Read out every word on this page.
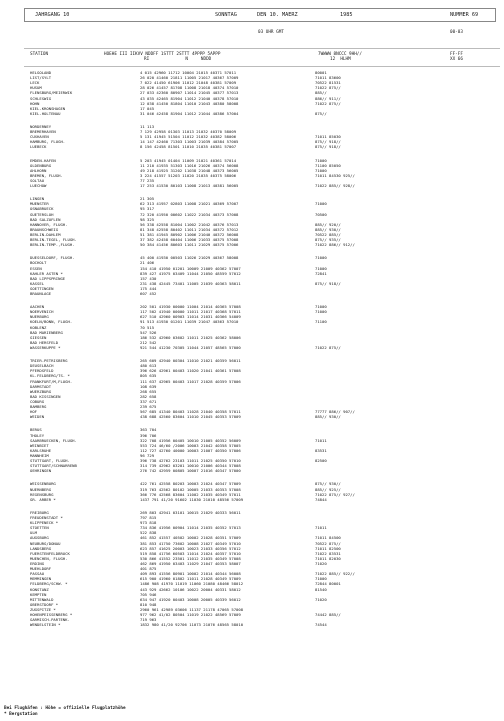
JAHRGANG 10	SONNTAG	DEN 10. MAERZ	1985	NUMMER 69
03 UHR GMT	00-03
STATION	HOEHE III IIKVV NDDFF 1STTT 2STTT 4PPPP 5APPP
RI              N     NDDD
7WWWW 8NCCC 9HH//
12  HLHM
FF-FF
XX 66
HELGOLAND	4 015 42960 11712 10004 21015 40371 57011	80001
LIST/SYLT	26 020 41460 21811 11005 21017 40367 57009	71011 83600
LECK	7 022 41450 61906 11012 21048 40381 57009	70522 81531
HUSUM	28 026 41457 81708 11008 21018 40374 57010	71022 875//
FLENSBURG/MEIERWIK	27 033 42360 80907 11014 21045 40377 57013	885//
SCHLESWIG	43 035 42465 81904 11012 21040 40378 57010	886// 911//
HOHN	12 038 41450 81804 11010 21043 40380 58008	71022 875//
KIEL-KRONSHAGEN	17 045
KIEL-HOLTENAU	31 046 42458 81904 11012 21044 40386 57004	875//
NORDERNEY	11 113
BREMERHAVEN	7 129 42958 01303 11013 21032 40370 58009
CUXHAVEN	5 131 41945 51504 11012 21032 40382 58006	71011 85030
HAMBURG, FLUGH.	14 147 42460 71303 11003 21039 40384 57005	875// 918//
LUEBECK	8 156 42458 81501 11010 21035 40381 57007	875// 918//
EMDEN-HAFEN	5 203 41945 01404 11009 21021 40361 57014	71000
OLDENBURG	11 210 41935 51303 11016 21026 40374 56008	71100 85050
AHLHORN	49 218 41925 31202 11038 21048 40373 56005	71000
BREMEN, FLUGH.	3 224 41557 51203 11020 21035 40375 58006	71011 84530 925//
SOLTAU	77 235
LUECHOW	17 253 41530 80103 11008 21013 40381 56005	71022 885// 928//
LINGEN	21 305
MUENSTER	62 313 41957 02803 11008 21021 40369 57007	71000
OSNABRUECK	95 317
GUETERSLOH	72 320 41950 00602 11022 21034 40373 57008	70500
BAD SALZUFLEN	98 325
HANNOVER, FLUGH.	56 338 42558 81004 11002 21042 40376 57013	885// 920//
BRAUNSCHWEIG	81 348 42558 80402 11011 21034 40372 57012	885// 930//
BERLIN-DAHLEM	51 381 41945 80902 11006 21040 40372 56008	70522 885//
BERLIN-TEGEL, FLUGH.	37 382 42458 60404 11006 21033 40375 57008	875// 935//
BERLIN-TEMP.,FLUGH.	50 384 41456 80603 11011 21029 40375 57006	71022 886// 912//
DUESSELDORF, FLUGH.	45 400 41930 00503 11026 21029 40367 58008	71000
BOCHOLT	21 406
ESSEN	154 410 41950 01201 10009 21009 40362 57007	71000
KAHLER ASTEN *	839 427 41975 03409 11044 21050 48559 57012	72841
BAD LIPPSPRINGE	157 430
KASSEL	231 438 42445 73401 11005 21039 40363 58011	875// 918//
GOETTINGEN	175 444
BRAUNLAGE	607 452
AACHEN	202 501 41930 00000 11004 21014 40365 57008	71000
NOERVENICH	117 502 41940 00000 11011 21017 40368 57011	71000
NUERBURG	627 510 42960 00903 11014 21031 40366 54009
KOELN/BONN, FLUGH.	91 513 41930 01201 11039 21047 40363 57010	71100
KOBLENZ	70 515
BAD MARIENBERG	547 526
GIESSEN	186 532 42960 03602 11011 21025 40362 58006
BAD HERSFELD	212 542
WASSERKUPPE *	921 544 41230 70305 11044 21057 48565 57000	71022 875//
TRIER-PETRISBERG	265 609 42940 00304 11010 21021 40359 56011
DEUSELBACH	480 613
PFERDSFELD	396 626 42961 00403 11020 21041 40361 57008
KL.FELDBERG/TS. *	805 635
FRANKFURT/M,FLUGH.	111 637 42965 00403 11017 21028 40359 57006
DARMSTADT	108 639
WUERZBURG	268 655
BAD KISSINGEN	282 658
COBURG	337 671
BAMBERG	239 675
HOF	567 685 41340 80403 11028 21040 40358 57011	77777 886// 907//
WEIDEN	438 688 42560 83604 11010 21045 40353 57009	885// 930//
BERUS	363 704
THOLEY	396 706
SAARBRUECKEN, FLUGH.	322 708 41956 00405 10010 21005 40352 56009	71011
WEINBIET	553 724 46/60 /2006 10003 21042 40358 57005
KARLSRUHE	112 727 42760 40000 10003 21007 40350 57006	83531
MANNHEIM	96 729
STUTTGART, FLUGH.	396 738 42762 23103 11011 21025 40350 57010	82500
STUTTGART/SCHNARRENB	314 739 42962 03201 10010 21006 40344 57008
OEHRINGEN	276 742 42959 00805 10007 21016 40347 57000
WEISSENBURG	422 761 42558 80203 10003 21024 40347 57009	875// 930//
NUERNBERG	319 763 42562 80102 10005 21033 40353 57008	885// 925//
REGENSBURG	366 776 42568 83604 11002 21035 40349 57011	71022 875// 927//
GR. ARBER *	1437 791 41/20 91602 11030 21010 48556 57009	74844
FREIBURG	269 803 42941 03101 10015 21029 40333 56011
FREUDENSTADT *	797 815
KLIPPENECK *	973 818
STOETTEN	734 836 41956 00904 11014 21035 40352 57013	71011
ULM	522 838
AUGSBURG	461 852 41557 40502 10002 21028 40351 57009	71011 84500
NEUBURG/DONAU	381 853 41750 73602 10008 21027 40349 57010	70522 875//
LANDSBERG	623 857 41625 20003 10023 21033 40356 57012	71011 82500
FUERSTENFELDBRUCK	519 858 41756 60503 11014 21024 40357 57010	71022 83531
MUENCHEN, FLUGH.	530 866 41552 23501 11012 21035 40349 57008	71011 82030
ERDING	462 869 41950 03403 11029 21047 40353 58007	71020
MUEHLDORF	401 875
PASSAU	409 893 41556 80901 10002 21014 40344 56008	71022 885// 922//
MEMMINGEN	615 900 41960 01802 11011 21028 40349 57009	71000
FELDBERG/SCHW. *	1486 908 41970 11019 11060 21080 48466 58012	72844 80001
KONSTANZ	443 929 42662 10106 10022 20004 40331 58012	81540
KEMPTEN	705 946
MITTENWALD	634 947 41920 00403 10008 20005 40339 56012	71020
OBERSTDORF *	810 948
ZUGSPITZE *	2960 961 42989 03606 11137 21178 47065 57008
HOHENPEISSENBERG *	977 962 41/02 80504 11019 21022 48569 57009	74442 885//
GARMISCH-PARTENK.	719 963
WENDELSTEIN *	1832 980 41/20 92706 11073 21076 48565 58010	74544
Bei Flughäfen : Höhe = offizielle Flugplatzhöhe
* Bergstation
